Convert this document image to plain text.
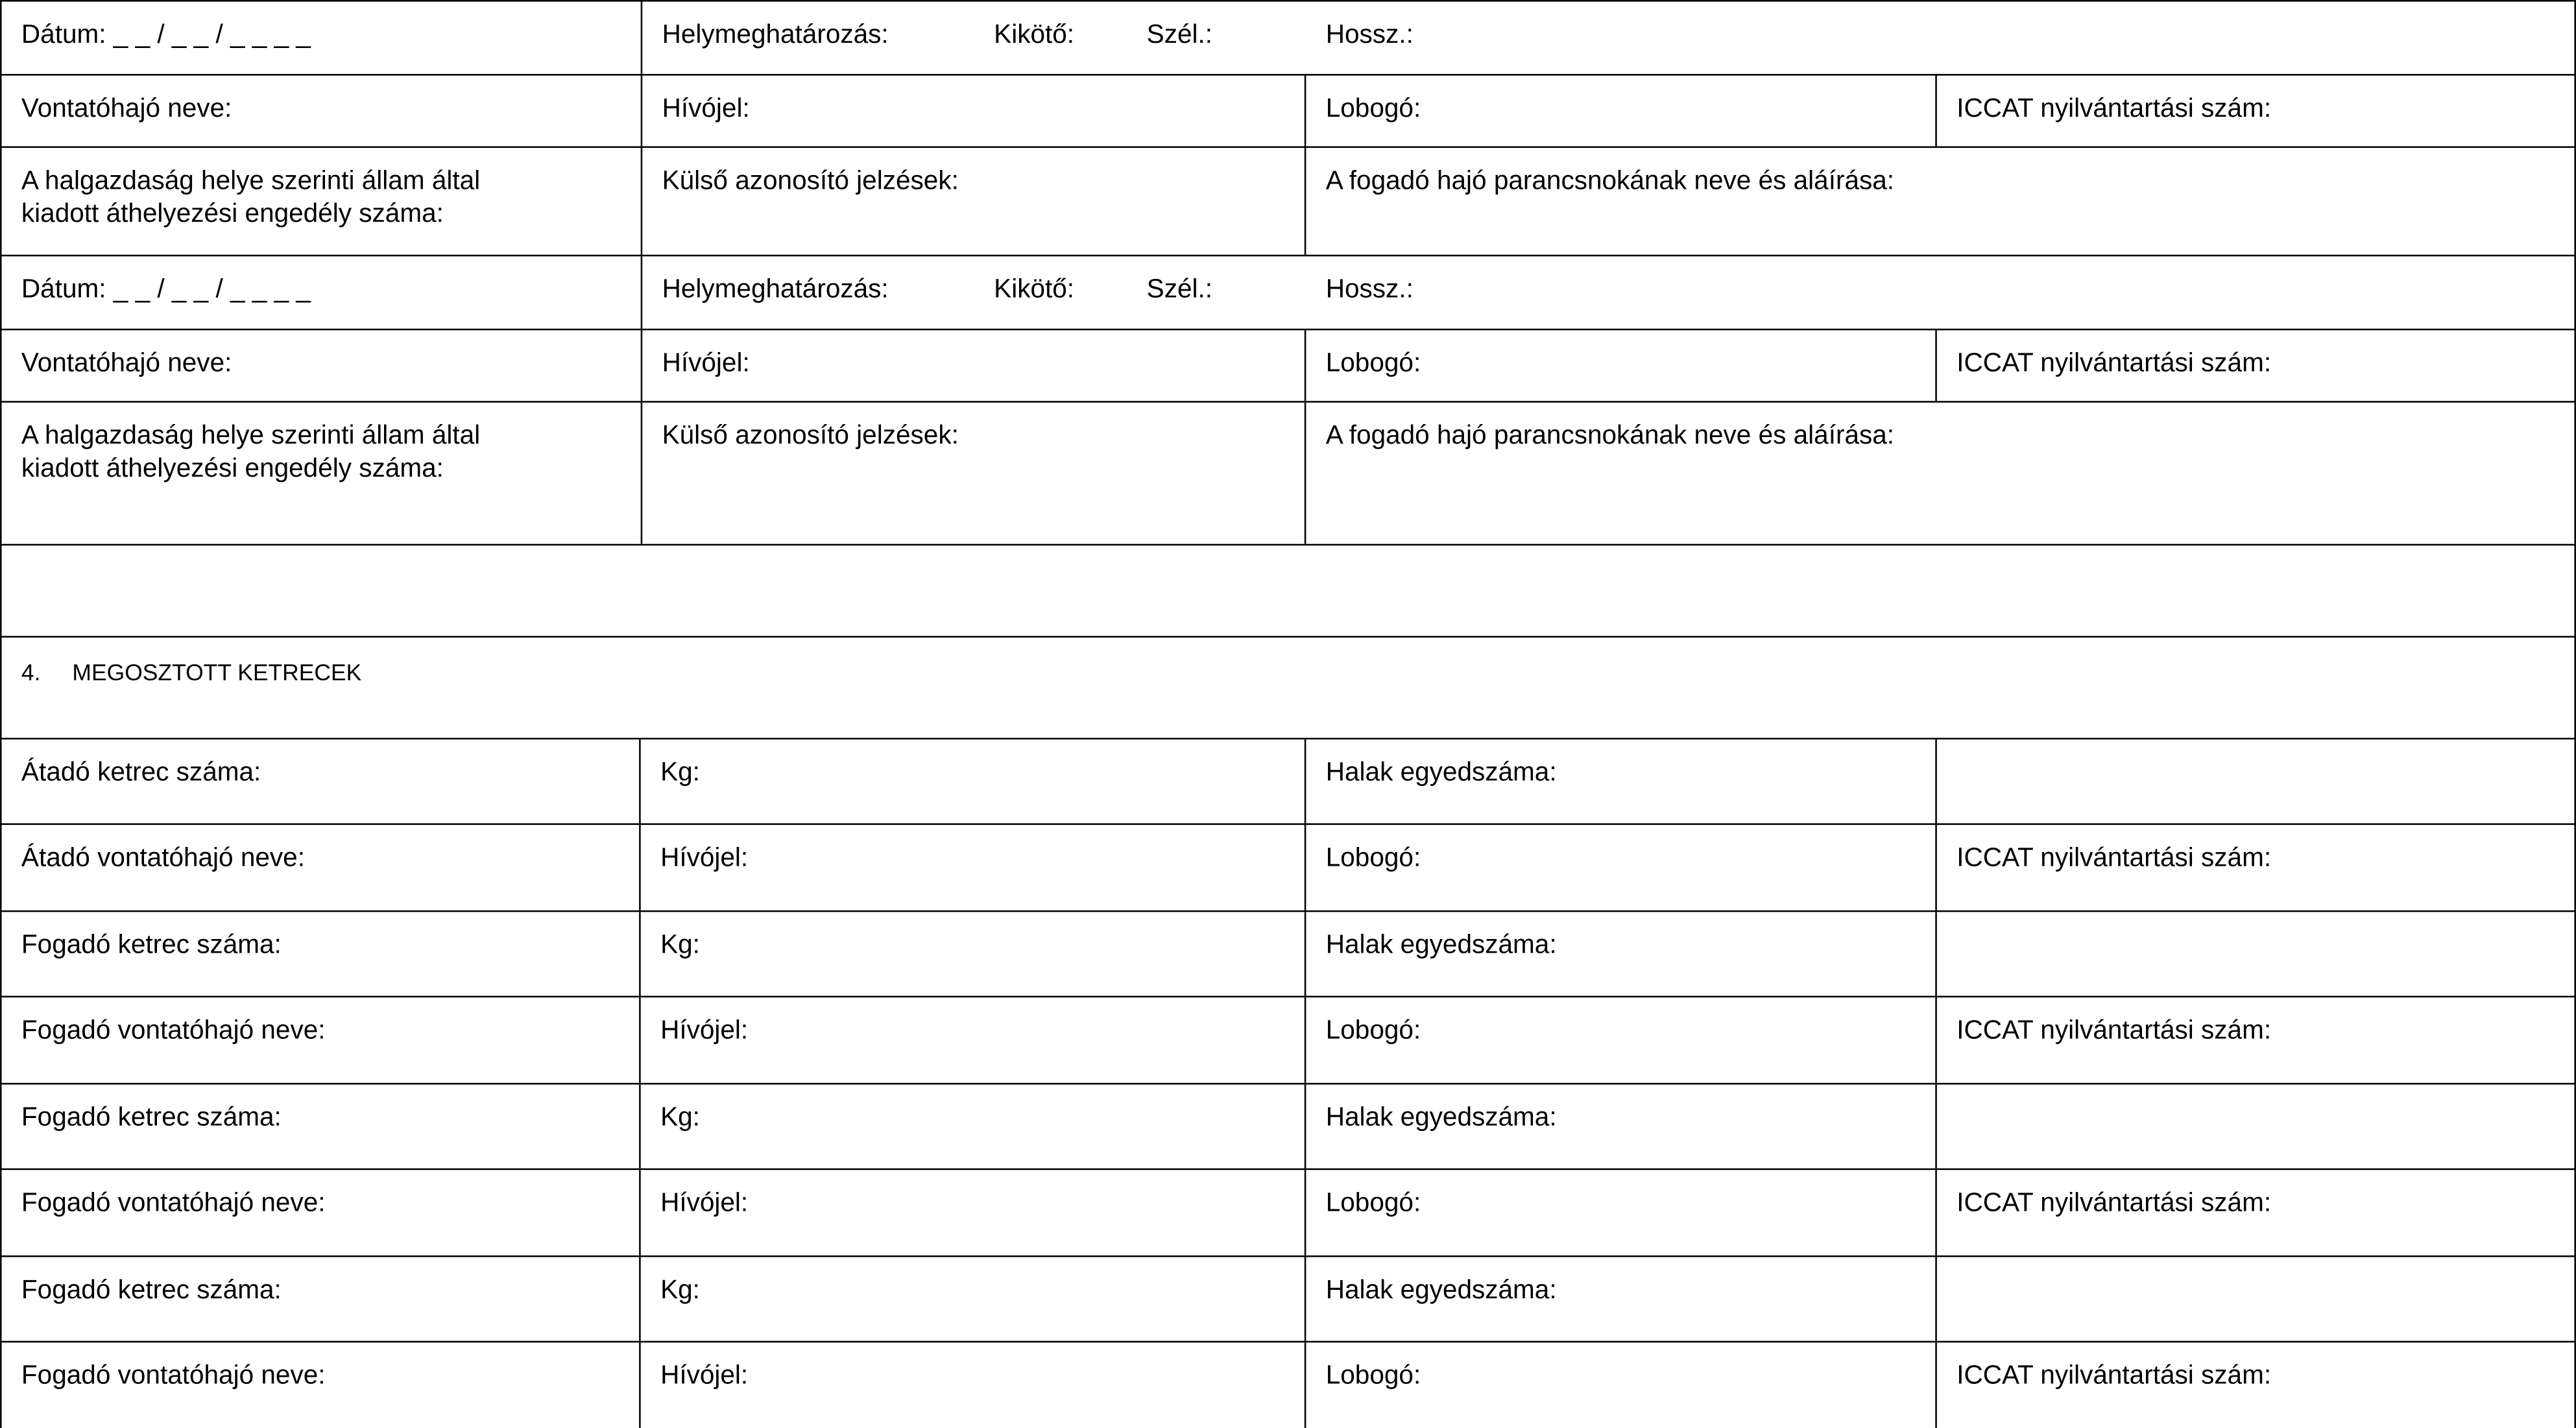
Dátum: _ _ / _ _ / _ _ _ _	Helymeghatározás:	Kikötő:	Szél.:	Hossz.:
Vontatóhajó neve:	Hívójel:	Lobogó:	ICCAT nyilvántartási szám:
A halgazdaság helye szerinti állam által
kiadott áthelyezési engedély száma:
Külső azonosító jelzések:	A fogadó hajó parancsnokának neve és aláírása:
Dátum: _ _ / _ _ / _ _ _ _	Helymeghatározás:	Kikötő:	Szél.:	Hossz.:
Vontatóhajó neve:	Hívójel:	Lobogó:	ICCAT nyilvántartási szám:
A halgazdaság helye szerinti állam által
kiadott áthelyezési engedély száma:
Külső azonosító jelzések:	A fogadó hajó parancsnokának neve és aláírása:
4.	MEGOSZTOTT KETRECEK
Átadó ketrec száma:	Kg:	Halak egyedszáma:
Átadó vontatóhajó neve:	Hívójel:	Lobogó:	ICCAT nyilvántartási szám:
Fogadó ketrec száma:	Kg:	Halak egyedszáma:
Fogadó vontatóhajó neve:	Hívójel:	Lobogó:	ICCAT nyilvántartási szám:
Fogadó ketrec száma:	Kg:	Halak egyedszáma:
Fogadó vontatóhajó neve:	Hívójel:	Lobogó:	ICCAT nyilvántartási szám:
Fogadó ketrec száma:	Kg:	Halak egyedszáma:
Fogadó vontatóhajó neve:	Hívójel:	Lobogó:	ICCAT nyilvántartási szám:
